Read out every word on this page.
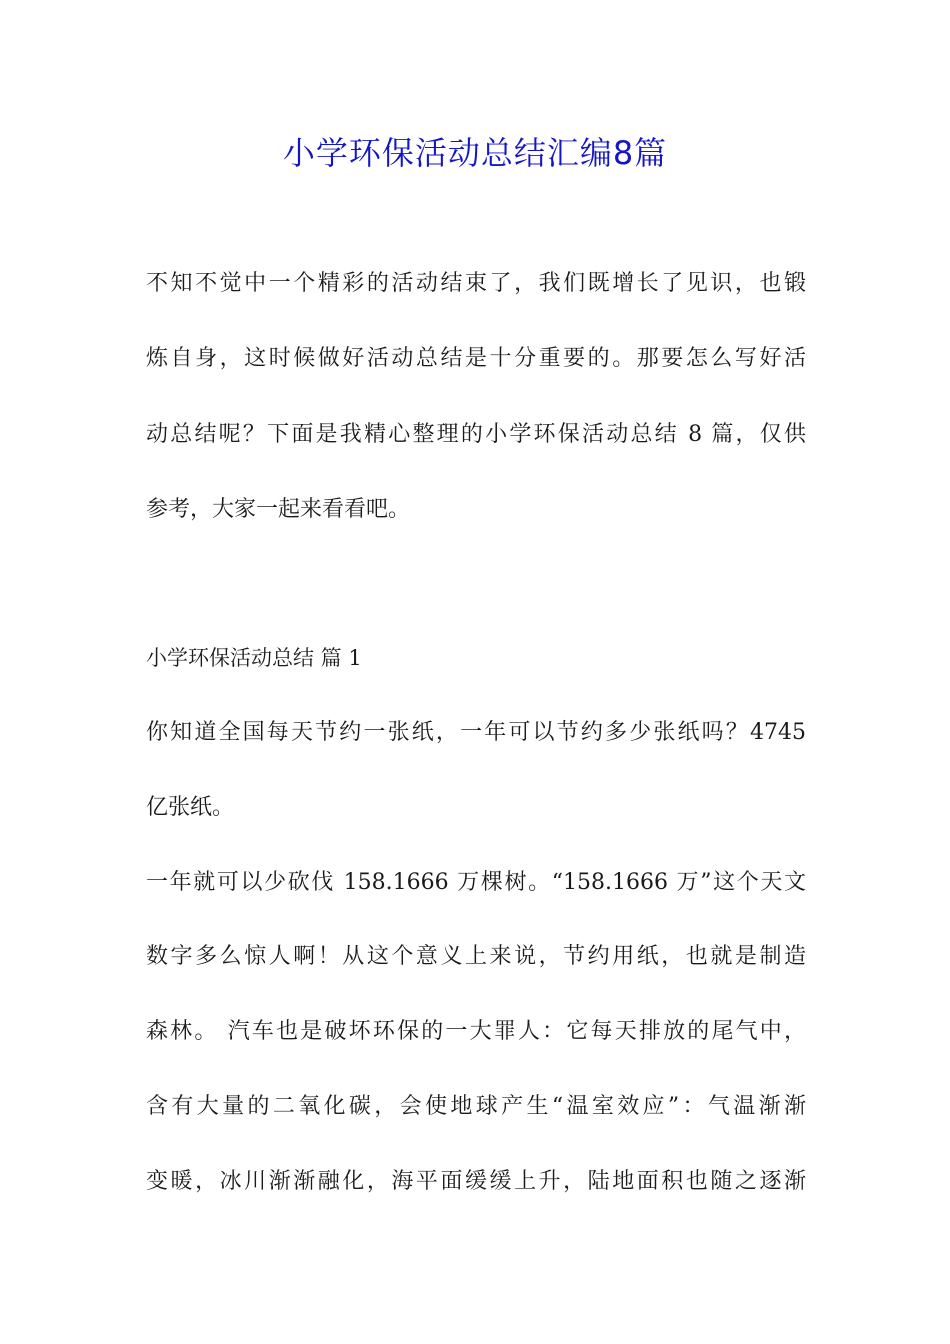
小学环保活动总结汇编8篇
不知不觉中一个精彩的活动结束了，我们既增长了见识，也锻
炼自身，这时候做好活动总结是十分重要的。那要怎么写好活
动总结呢？下面是我精心整理的小学环保活动总结 8 篇，仅供
参考，大家一起来看看吧。
小学环保活动总结 篇 1
你知道全国每天节约一张纸，一年可以节约多少张纸吗？4745
亿张纸。
一年就可以少砍伐 158.1666 万棵树。“158.1666 万”这个天文
数字多么惊人啊！从这个意义上来说，节约用纸，也就是制造
森林。 汽车也是破坏环保的一大罪人：它每天排放的尾气中，
含有大量的二氧化碳，会使地球产生“温室效应”：气温渐渐
变暖，冰川渐渐融化，海平面缓缓上升，陆地面积也随之逐渐
